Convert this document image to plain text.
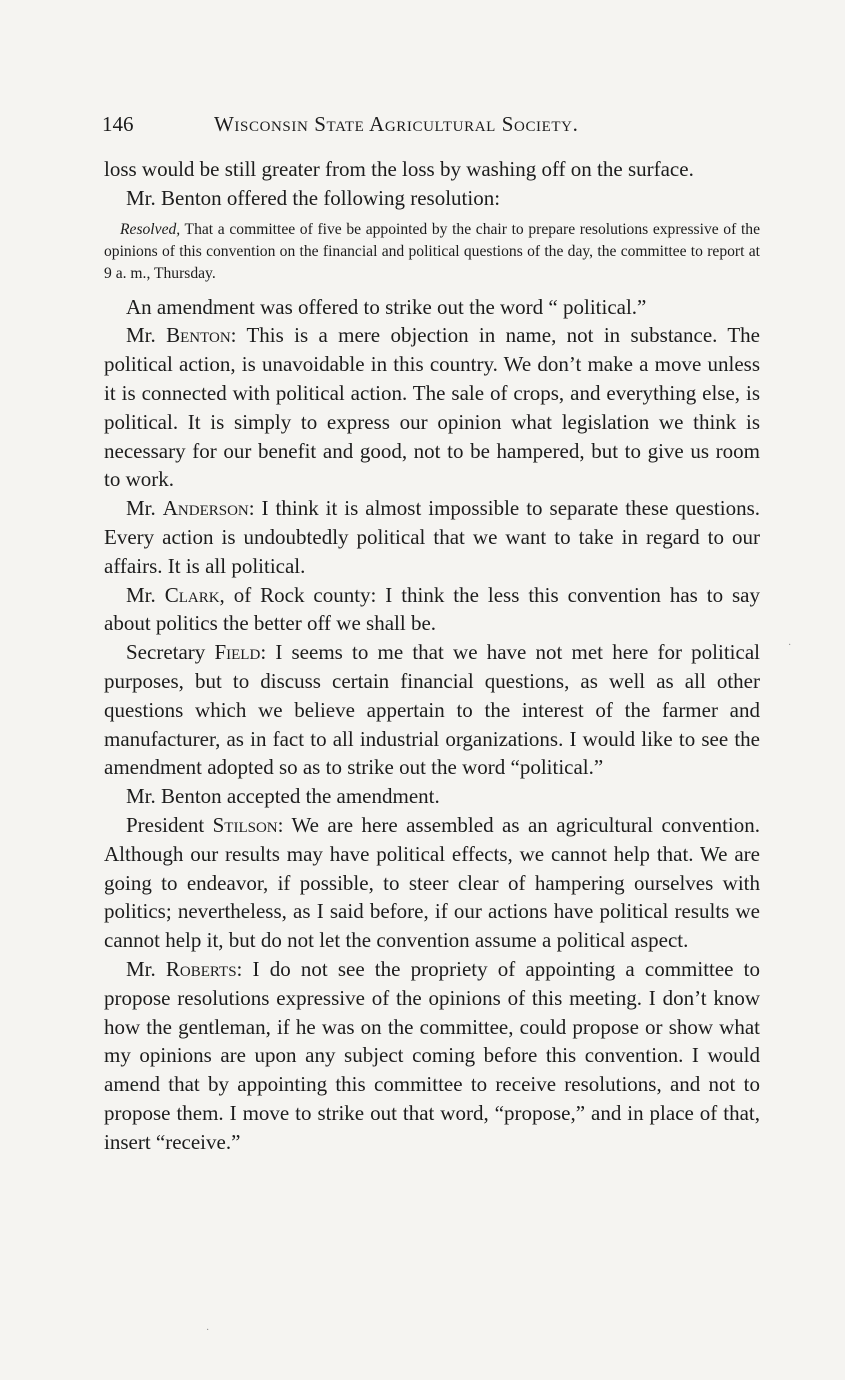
146	Wisconsin State Agricultural Society.

loss would be still greater from the loss by washing off on the surface.

Mr. Benton offered the following resolution:

Resolved, That a committee of five be appointed by the chair to prepare resolutions expressive of the opinions of this convention on the financial and political questions of the day, the committee to report at 9 a. m., Thursday.

An amendment was offered to strike out the word “ political.”

Mr. Benton: This is a mere objection in name, not in substance. The political action, is unavoidable in this country. We don’t make a move unless it is connected with political action. The sale of crops, and everything else, is political. It is simply to express our opinion what legislation we think is necessary for our benefit and good, not to be hampered, but to give us room to work.

Mr. Anderson: I think it is almost impossible to separate these questions. Every action is undoubtedly political that we want to take in regard to our affairs. It is all political.

Mr. Clark, of Rock county: I think the less this convention has to say about politics the better off we shall be.

Secretary Field: I seems to me that we have not met here for political purposes, but to discuss certain financial questions, as well as all other questions which we believe appertain to the interest of the farmer and manufacturer, as in fact to all industrial organizations. I would like to see the amendment adopted so as to strike out the word “political.”

Mr. Benton accepted the amendment.

President Stilson: We are here assembled as an agricultural convention. Although our results may have political effects, we cannot help that. We are going to endeavor, if possible, to steer clear of hampering ourselves with politics; nevertheless, as I said before, if our actions have political results we cannot help it, but do not let the convention assume a political aspect.

Mr. Roberts: I do not see the propriety of appointing a committee to propose resolutions expressive of the opinions of this meeting. I don’t know how the gentleman, if he was on the committee, could propose or show what my opinions are upon any subject coming before this convention. I would amend that by appointing this committee to receive resolutions, and not to propose them. I move to strike out that word, “propose,” and in place of that, insert “receive.”

·
·
